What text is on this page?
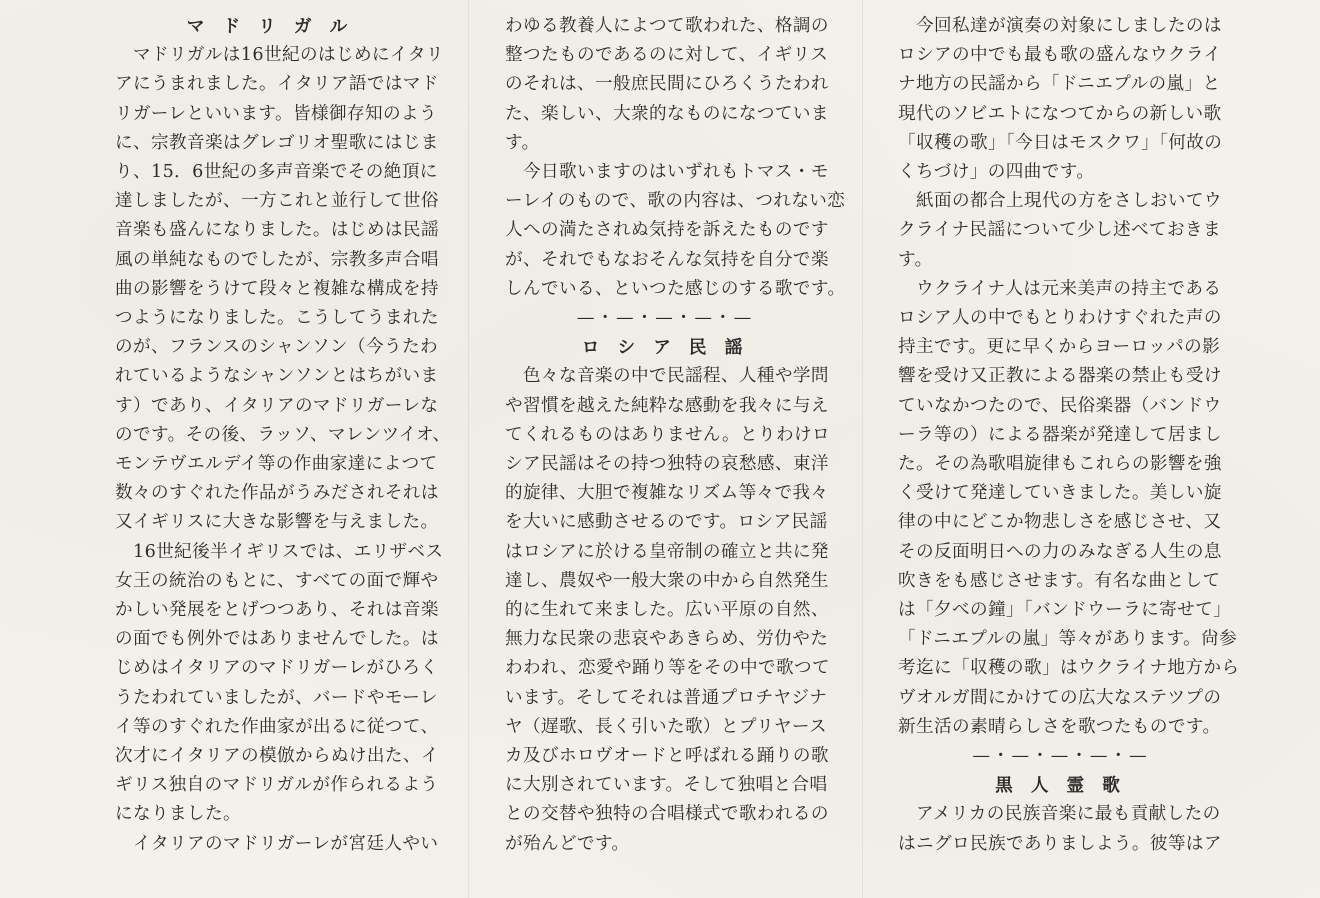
マ ド リ ガ ル

　マドリガルは16世紀のはじめにイタリ

アにうまれました。イタリア語ではマド

リガーレといいます。皆様御存知のよう

に、宗教音楽はグレゴリオ聖歌にはじま

り、15．6世紀の多声音楽でその絶頂に

達しましたが、一方これと並行して世俗

音楽も盛んになりました。はじめは民謡

風の単純なものでしたが、宗教多声合唱

曲の影響をうけて段々と複雑な構成を持

つようになりました。こうしてうまれた

のが、フランスのシャンソン（今うたわ

れているようなシャンソンとはちがいま

す）であり、イタリアのマドリガーレな

のです。その後、ラッソ、マレンツイオ、

モンテヴエルデイ等の作曲家達によつて

数々のすぐれた作品がうみだされそれは

又イギリスに大きな影響を与えました。

　16世紀後半イギリスでは、エリザベス

女王の統治のもとに、すべての面で輝や

かしい発展をとげつつあり、それは音楽

の面でも例外ではありませんでした。は

じめはイタリアのマドリガーレがひろく

うたわれていましたが、バードやモーレ

イ等のすぐれた作曲家が出るに従つて、

次才にイタリアの模倣からぬけ出た、イ

ギリス独自のマドリガルが作られるよう

になりました。

　イタリアのマドリガーレが宮廷人やい

わゆる教養人によつて歌われた、格調の

整つたものであるのに対して、イギリス

のそれは、一般庶民間にひろくうたわれ

た、楽しい、大衆的なものになつていま

す。

　今日歌いますのはいずれもトマス・モ

ーレイのもので、歌の内容は、つれない恋

人への満たされぬ気持を訴えたものです

が、それでもなおそんな気持を自分で楽

しんでいる、といつた感じのする歌です。

—・—・—・—・—

ロ シ ア 民 謡

　色々な音楽の中で民謡程、人種や学問

や習慣を越えた純粋な感動を我々に与え

てくれるものはありません。とりわけロ

シア民謡はその持つ独特の哀愁感、東洋

的旋律、大胆で複雑なリズム等々で我々

を大いに感動させるのです。ロシア民謡

はロシアに於ける皇帝制の確立と共に発

達し、農奴や一般大衆の中から自然発生

的に生れて来ました。広い平原の自然、

無力な民衆の悲哀やあきらめ、労仂やた

わわれ、恋愛や踊り等をその中で歌つて

います。そしてそれは普通プロチヤジナ

ヤ（遅歌、長く引いた歌）とプリヤース

カ及びホロヴオードと呼ばれる踊りの歌

に大別されています。そして独唱と合唱

との交替や独特の合唱様式で歌われるの

が殆んどです。

　今回私達が演奏の対象にしましたのは

ロシアの中でも最も歌の盛んなウクライ

ナ地方の民謡から「ドニエプルの嵐」と

現代のソビエトになつてからの新しい歌

「収穫の歌」「今日はモスクワ」「何故の

くちづけ」の四曲です。

　紙面の都合上現代の方をさしおいてウ

クライナ民謡について少し述べておきま

す。

　ウクライナ人は元来美声の持主である

ロシア人の中でもとりわけすぐれた声の

持主です。更に早くからヨーロッパの影

響を受け又正教による器楽の禁止も受け

ていなかつたので、民俗楽器（バンドウ

ーラ等の）による器楽が発達して居まし

た。その為歌唱旋律もこれらの影響を強

く受けて発達していきました。美しい旋

律の中にどこか物悲しさを感じさせ、又

その反面明日への力のみなぎる人生の息

吹きをも感じさせます。有名な曲として

は「夕べの鐘」「バンドウーラに寄せて」

「ドニエプルの嵐」等々があります。尙参

考迄に「収穫の歌」はウクライナ地方から

ヴオルガ間にかけての広大なステツプの

新生活の素晴らしさを歌つたものです。

—・—・—・—・—

黒 人 霊 歌

　アメリカの民族音楽に最も貢献したの

はニグロ民族でありましよう。彼等はア
